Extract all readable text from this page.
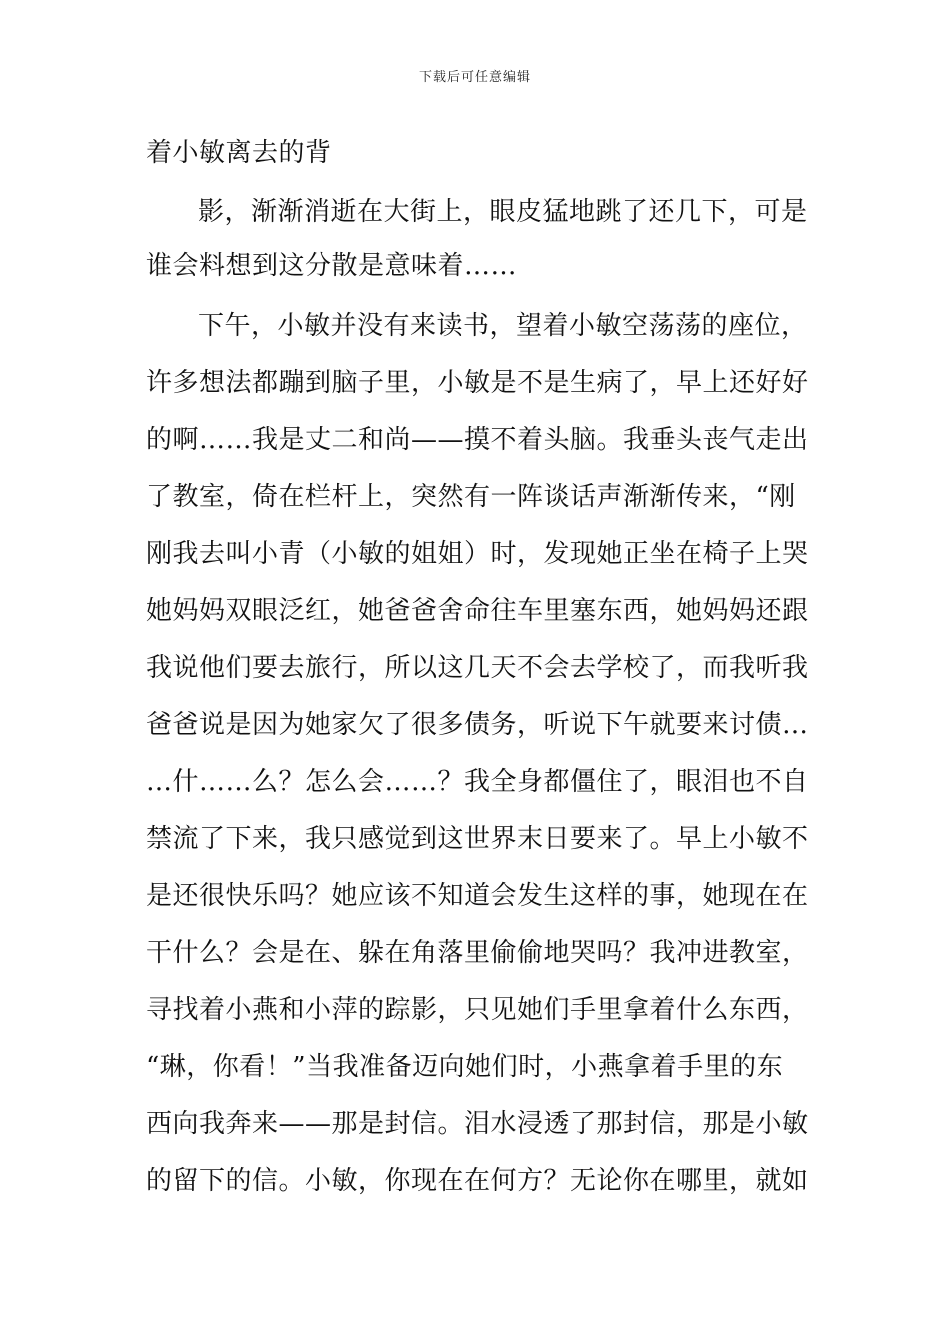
下载后可任意编辑
着小敏离去的背
影，渐渐消逝在大街上，眼皮猛地跳了还几下，可是
谁会料想到这分散是意味着……
下午，小敏并没有来读书，望着小敏空荡荡的座位，
许多想法都蹦到脑子里，小敏是不是生病了，早上还好好
的啊……我是丈二和尚——摸不着头脑。我垂头丧气走出
了教室，倚在栏杆上，突然有一阵谈话声渐渐传来，“刚
刚我去叫小青（小敏的姐姐）时，发现她正坐在椅子上哭
她妈妈双眼泛红，她爸爸舍命往车里塞东西，她妈妈还跟
我说他们要去旅行，所以这几天不会去学校了，而我听我
爸爸说是因为她家欠了很多债务，听说下午就要来讨债…
…什……么？怎么会……？我全身都僵住了，眼泪也不自
禁流了下来，我只感觉到这世界末日要来了。早上小敏不
是还很快乐吗？她应该不知道会发生这样的事，她现在在
干什么？会是在、躲在角落里偷偷地哭吗？我冲进教室，
寻找着小燕和小萍的踪影，只见她们手里拿着什么东西，
“琳，你看！”当我准备迈向她们时，小燕拿着手里的东
西向我奔来——那是封信。泪水浸透了那封信，那是小敏
的留下的信。小敏，你现在在何方？无论你在哪里，就如
